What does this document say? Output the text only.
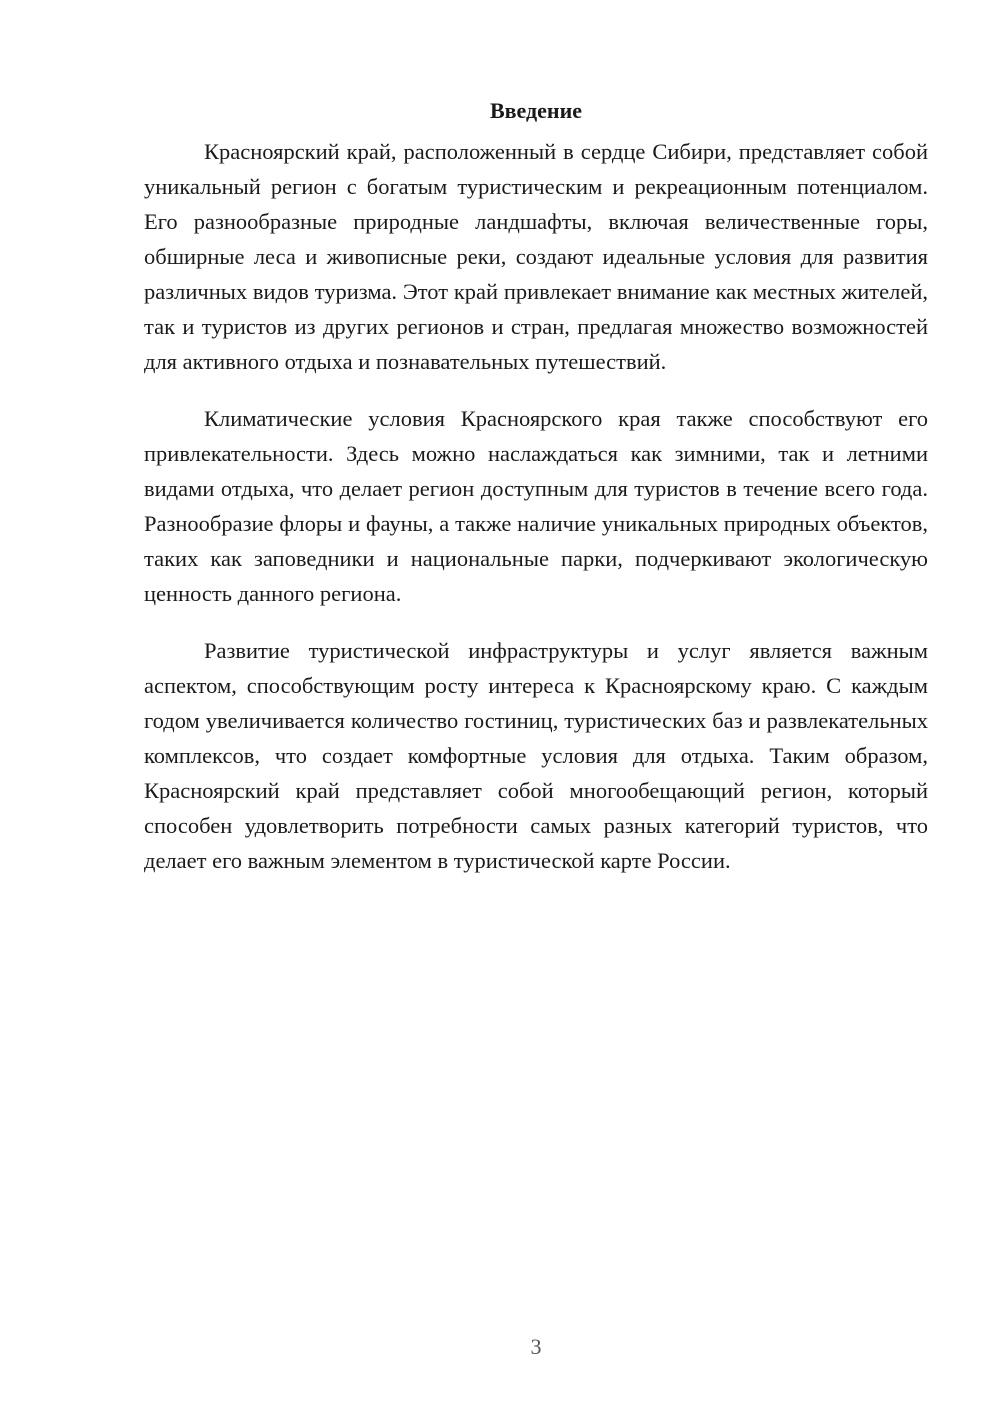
Введение

Красноярский край, расположенный в сердце Сибири, представляет собой уникальный регион с богатым туристическим и рекреационным потенциалом. Его разнообразные природные ландшафты, включая величественные горы, обширные леса и живописные реки, создают идеальные условия для развития различных видов туризма. Этот край привлекает внимание как местных жителей, так и туристов из других регионов и стран, предлагая множество возможностей для активного отдыха и познавательных путешествий.

Климатические условия Красноярского края также способствуют его привлекательности. Здесь можно наслаждаться как зимними, так и летними видами отдыха, что делает регион доступным для туристов в течение всего года. Разнообразие флоры и фауны, а также наличие уникальных природных объектов, таких как заповедники и национальные парки, подчеркивают экологическую ценность данного региона.

Развитие туристической инфраструктуры и услуг является важным аспектом, способствующим росту интереса к Красноярскому краю. С каждым годом увеличивается количество гостиниц, туристических баз и развлекательных комплексов, что создает комфортные условия для отдыха. Таким образом, Красноярский край представляет собой многообещающий регион, который способен удовлетворить потребности самых разных категорий туристов, что делает его важным элементом в туристической карте России.

3
